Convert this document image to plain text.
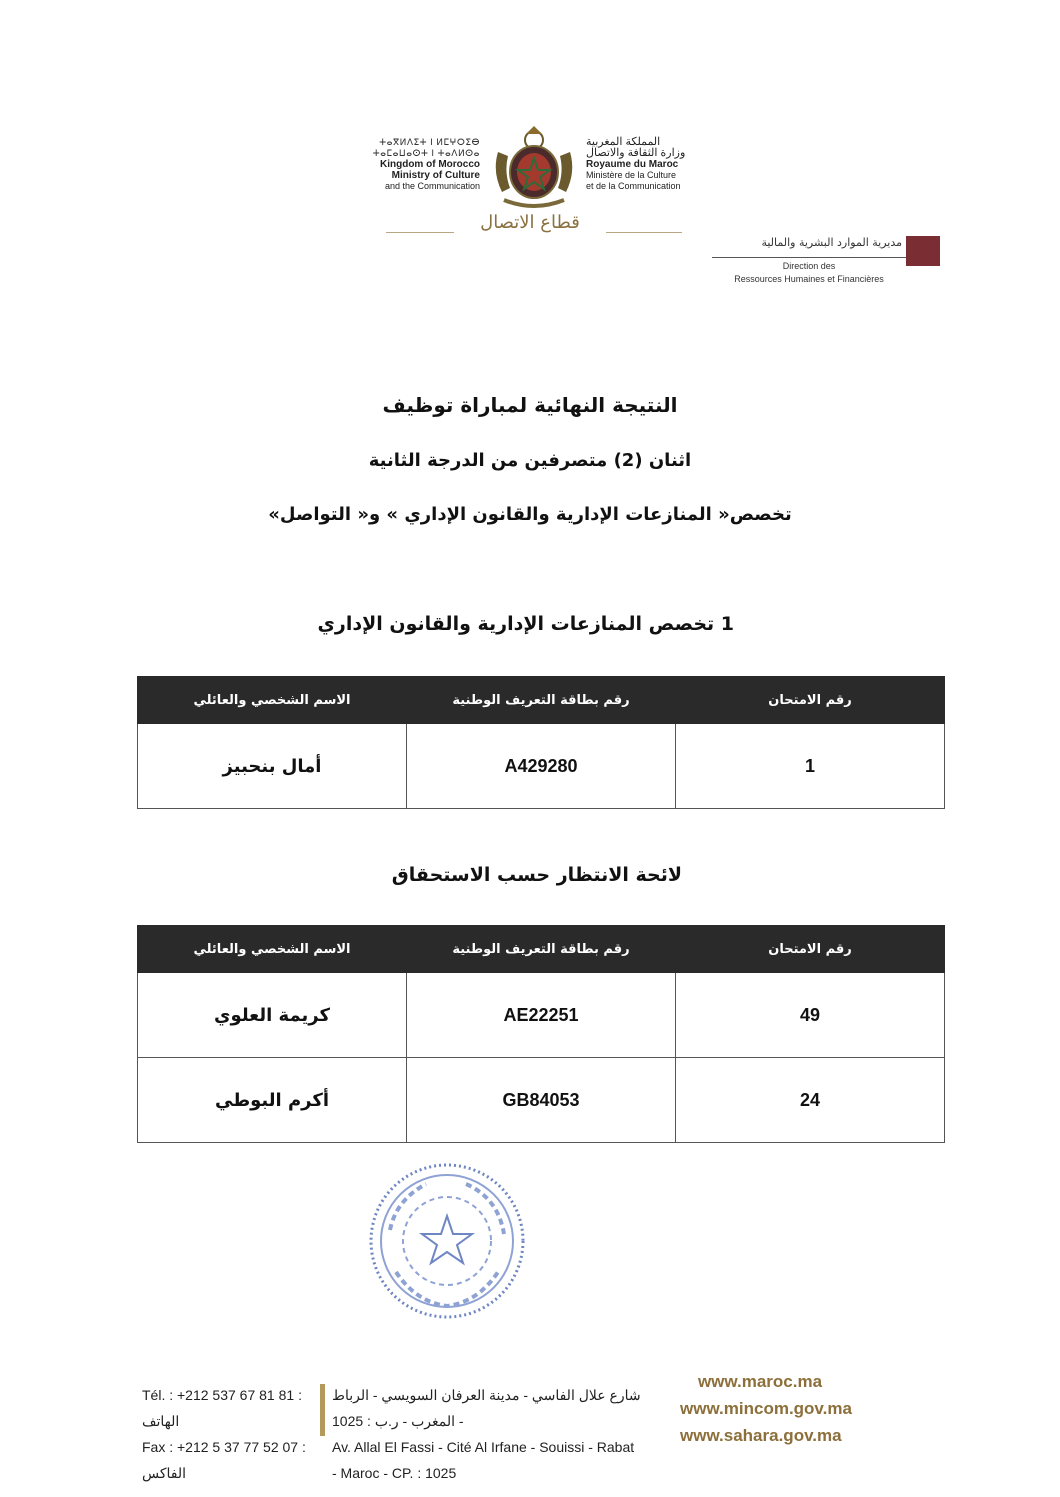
ⵜⴰⴳⵍⴷⵉⵜ ⵏ ⵍⵎⵖⵔⵉⴱ
ⵜⴰⵎⴰⵡⴰⵙⵜ ⵏ ⵜⴰⴷⵍⵙⴰ
Kingdom of Morocco
Ministry of Culture
and the Communication
المملكة المغربية
وزارة الثقافة والاتصال
Royaume du Maroc
Ministère de la Culture
et de la Communication
قطاع الاتصال
مديرية الموارد البشرية والمالية
Direction des
Ressources Humaines et Financières
النتيجة النهائية لمباراة توظيف
اثنان (2) متصرفين من الدرجة الثانية
تخصص« المنازعات الإدارية والقانون الإداري » و« التواصل»
1 تخصص المنازعات الإدارية والقانون الإداري
رقم الامتحان	رقم بطاقة التعريف الوطنية	الاسم الشخصي والعائلي
1	A429280	أمال بنحبيز
لائحة الانتظار حسب الاستحقاق
رقم الامتحان	رقم بطاقة التعريف الوطنية	الاسم الشخصي والعائلي
49	AE22251	كريمة العلوي
24	GB84053	أكرم البوطي
Tél. : +212 537 67 81 81 : الهاتف
Fax : +212 5 37 77 52 07 : الفاكس
شارع علال الفاسي - مدينة العرفان السويسي - الرباط - المغرب - ر.ب : 1025
Av. Allal El Fassi - Cité Al Irfane - Souissi - Rabat - Maroc - CP. : 1025
www.maroc.ma
www.mincom.gov.ma
www.sahara.gov.ma
